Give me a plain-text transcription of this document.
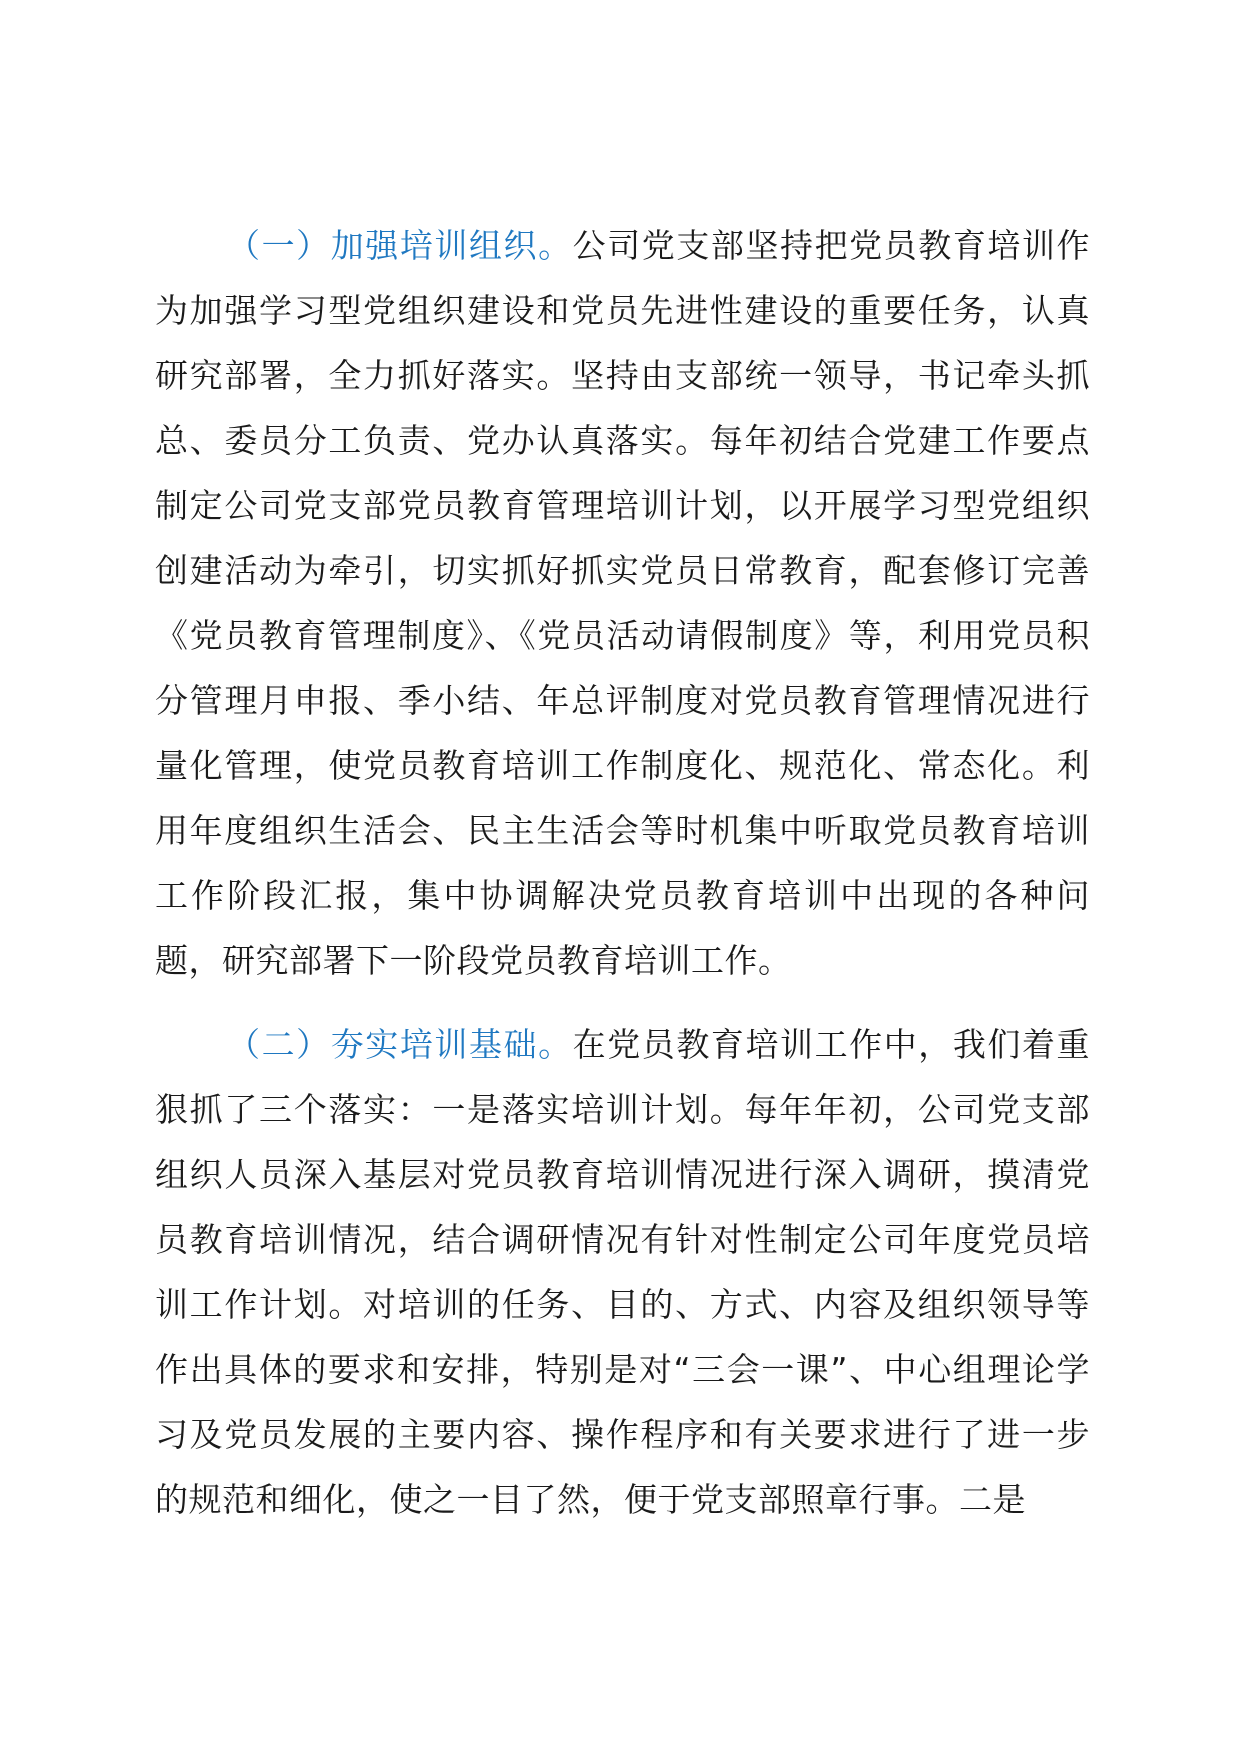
（一）加强培训组织。公司党支部坚持把党员教育培训作为加强学习型党组织建设和党员先进性建设的重要任务，认真研究部署，全力抓好落实。坚持由支部统一领导，书记牵头抓总、委员分工负责、党办认真落实。每年初结合党建工作要点制定公司党支部党员教育管理培训计划，以开展学习型党组织创建活动为牵引，切实抓好抓实党员日常教育，配套修订完善《党员教育管理制度》、《党员活动请假制度》等，利用党员积分管理月申报、季小结、年总评制度对党员教育管理情况进行量化管理，使党员教育培训工作制度化、规范化、常态化。利用年度组织生活会、民主生活会等时机集中听取党员教育培训工作阶段汇报，集中协调解决党员教育培训中出现的各种问题，研究部署下一阶段党员教育培训工作。

（二）夯实培训基础。在党员教育培训工作中，我们着重狠抓了三个落实：一是落实培训计划。每年年初，公司党支部组织人员深入基层对党员教育培训情况进行深入调研，摸清党员教育培训情况，结合调研情况有针对性制定公司年度党员培训工作计划。对培训的任务、目的、方式、内容及组织领导等作出具体的要求和安排，特别是对“三会一课”、中心组理论学习及党员发展的主要内容、操作程序和有关要求进行了进一步的规范和细化，使之一目了然，便于党支部照章行事。二是
